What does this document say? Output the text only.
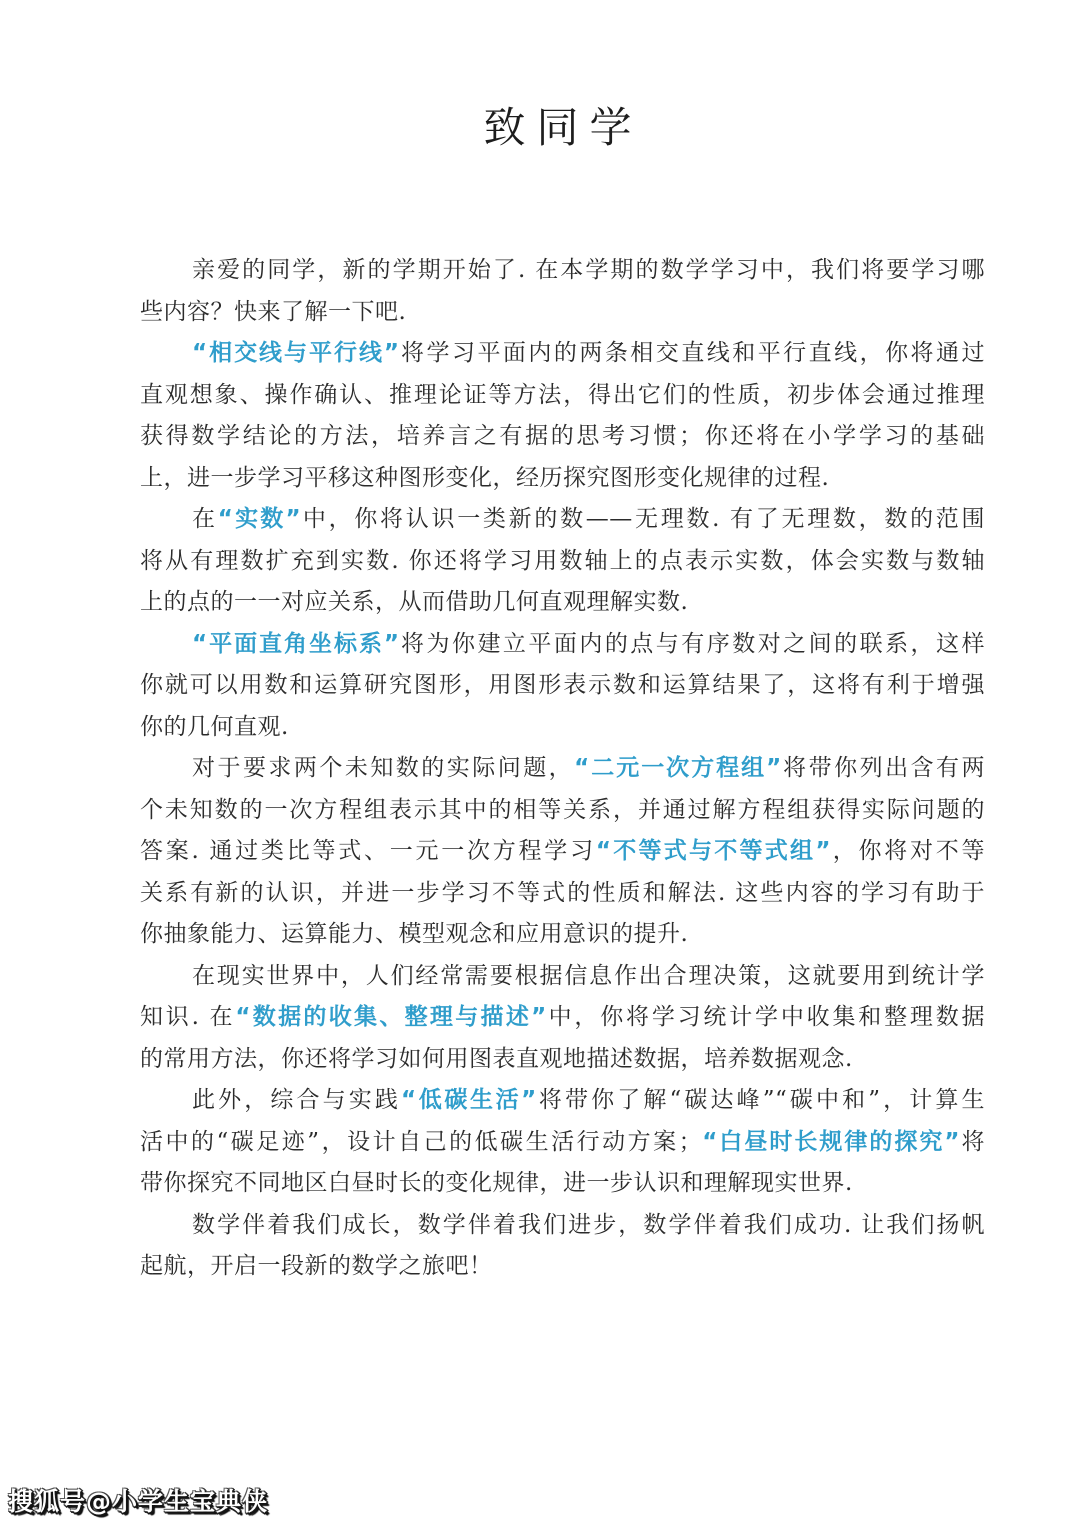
致同学
亲爱的同学，新的学期开始了. 在本学期的数学学习中，我们将要学习哪
些内容？快来了解一下吧.
“相交线与平行线”将学习平面内的两条相交直线和平行直线，你将通过
直观想象、操作确认、推理论证等方法，得出它们的性质，初步体会通过推理
获得数学结论的方法，培养言之有据的思考习惯；你还将在小学学习的基础
上，进一步学习平移这种图形变化，经历探究图形变化规律的过程.
在“实数”中，你将认识一类新的数——无理数. 有了无理数，数的范围
将从有理数扩充到实数. 你还将学习用数轴上的点表示实数，体会实数与数轴
上的点的一一对应关系，从而借助几何直观理解实数.
“平面直角坐标系”将为你建立平面内的点与有序数对之间的联系，这样
你就可以用数和运算研究图形，用图形表示数和运算结果了，这将有利于增强
你的几何直观.
对于要求两个未知数的实际问题，“二元一次方程组”将带你列出含有两
个未知数的一次方程组表示其中的相等关系，并通过解方程组获得实际问题的
答案. 通过类比等式、一元一次方程学习“不等式与不等式组”，你将对不等
关系有新的认识，并进一步学习不等式的性质和解法. 这些内容的学习有助于
你抽象能力、运算能力、模型观念和应用意识的提升.
在现实世界中，人们经常需要根据信息作出合理决策，这就要用到统计学
知识. 在“数据的收集、整理与描述”中，你将学习统计学中收集和整理数据
的常用方法，你还将学习如何用图表直观地描述数据，培养数据观念.
此外，综合与实践“低碳生活”将带你了解“碳达峰”“碳中和”，计算生
活中的“碳足迹”，设计自己的低碳生活行动方案；“白昼时长规律的探究”将
带你探究不同地区白昼时长的变化规律，进一步认识和理解现实世界.
数学伴着我们成长，数学伴着我们进步，数学伴着我们成功. 让我们扬帆
起航，开启一段新的数学之旅吧！

搜狐号@小学生宝典侠
